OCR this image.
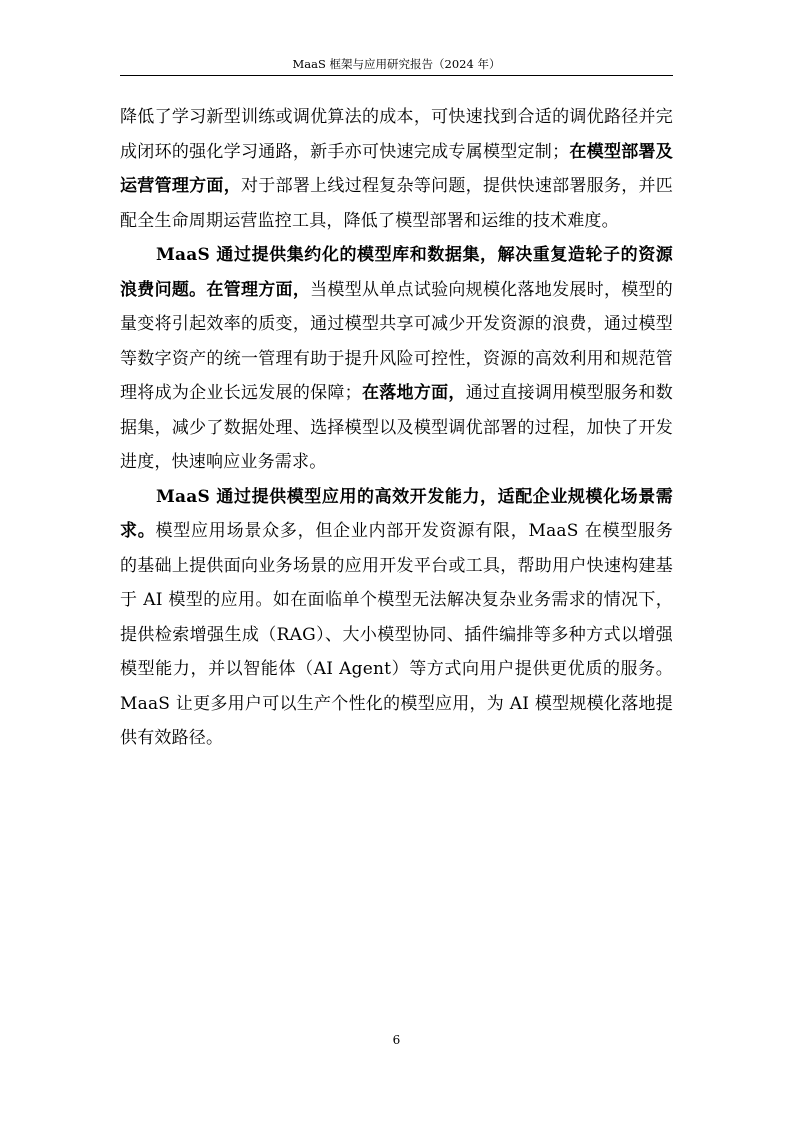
MaaS 框架与应用研究报告（2024 年）

降低了学习新型训练或调优算法的成本，可快速找到合适的调优路径并完成闭环的强化学习通路，新手亦可快速完成专属模型定制；在模型部署及运营管理方面，对于部署上线过程复杂等问题，提供快速部署服务，并匹配全生命周期运营监控工具，降低了模型部署和运维的技术难度。

MaaS 通过提供集约化的模型库和数据集，解决重复造轮子的资源浪费问题。在管理方面，当模型从单点试验向规模化落地发展时，模型的量变将引起效率的质变，通过模型共享可减少开发资源的浪费，通过模型等数字资产的统一管理有助于提升风险可控性，资源的高效利用和规范管理将成为企业长远发展的保障；在落地方面，通过直接调用模型服务和数据集，减少了数据处理、选择模型以及模型调优部署的过程，加快了开发进度，快速响应业务需求。

MaaS 通过提供模型应用的高效开发能力，适配企业规模化场景需求。模型应用场景众多，但企业内部开发资源有限，MaaS 在模型服务的基础上提供面向业务场景的应用开发平台或工具，帮助用户快速构建基于 AI 模型的应用。如在面临单个模型无法解决复杂业务需求的情况下，提供检索增强生成（RAG）、大小模型协同、插件编排等多种方式以增强模型能力，并以智能体（AI Agent）等方式向用户提供更优质的服务。MaaS 让更多用户可以生产个性化的模型应用，为 AI 模型规模化落地提供有效路径。

6
